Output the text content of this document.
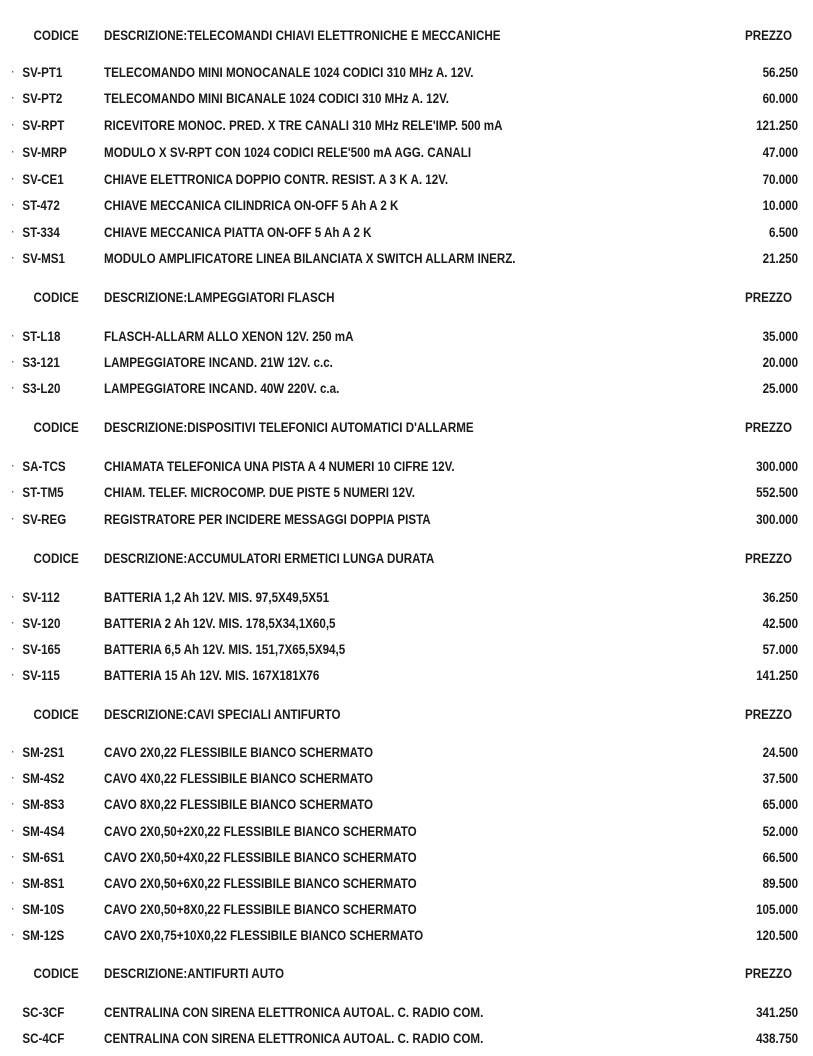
CODICE DESCRIZIONE:TELECOMANDI CHIAVI ELETTRONICHE E MECCANICHE	PREZZO
· SV-PT1	TELECOMANDO MINI MONOCANALE 1024 CODICI 310 MHz A. 12V.	56.250
· SV-PT2	TELECOMANDO MINI BICANALE 1024 CODICI 310 MHz A. 12V.	60.000
· SV-RPT	RICEVITORE MONOC. PRED. X TRE CANALI 310 MHz RELE'IMP. 500 mA	121.250
· SV-MRP	MODULO X SV-RPT CON 1024 CODICI RELE'500 mA AGG. CANALI	47.000
· SV-CE1	CHIAVE ELETTRONICA DOPPIO CONTR. RESIST. A 3 K A. 12V.	70.000
· ST-472	CHIAVE MECCANICA CILINDRICA ON-OFF 5 Ah A 2 K	10.000
· ST-334	CHIAVE MECCANICA PIATTA ON-OFF 5 Ah A 2 K	6.500
· SV-MS1	MODULO AMPLIFICATORE LINEA BILANCIATA X SWITCH ALLARM INERZ.	21.250
CODICE DESCRIZIONE:LAMPEGGIATORI FLASCH	PREZZO
· ST-L18	FLASCH-ALLARM ALLO XENON 12V. 250 mA	35.000
· S3-121	LAMPEGGIATORE INCAND. 21W 12V. c.c.	20.000
· S3-L20	LAMPEGGIATORE INCAND. 40W 220V. c.a.	25.000
CODICE DESCRIZIONE:DISPOSITIVI TELEFONICI AUTOMATICI D'ALLARME	PREZZO
· SA-TCS	CHIAMATA TELEFONICA UNA PISTA A 4 NUMERI 10 CIFRE 12V.	300.000
· ST-TM5	CHIAM. TELEF. MICROCOMP. DUE PISTE 5 NUMERI 12V.	552.500
· SV-REG	REGISTRATORE PER INCIDERE MESSAGGI DOPPIA PISTA	300.000
CODICE DESCRIZIONE:ACCUMULATORI ERMETICI LUNGA DURATA	PREZZO
· SV-112	BATTERIA 1,2 Ah 12V. MIS. 97,5X49,5X51	36.250
· SV-120	BATTERIA 2 Ah 12V. MIS. 178,5X34,1X60,5	42.500
· SV-165	BATTERIA 6,5 Ah 12V. MIS. 151,7X65,5X94,5	57.000
· SV-115	BATTERIA 15 Ah 12V. MIS. 167X181X76	141.250
CODICE DESCRIZIONE:CAVI SPECIALI ANTIFURTO	PREZZO
· SM-2S1	CAVO 2X0,22 FLESSIBILE BIANCO SCHERMATO	24.500
· SM-4S2	CAVO 4X0,22 FLESSIBILE BIANCO SCHERMATO	37.500
· SM-8S3	CAVO 8X0,22 FLESSIBILE BIANCO SCHERMATO	65.000
· SM-4S4	CAVO 2X0,50+2X0,22 FLESSIBILE BIANCO SCHERMATO	52.000
· SM-6S1	CAVO 2X0,50+4X0,22 FLESSIBILE BIANCO SCHERMATO	66.500
· SM-8S1	CAVO 2X0,50+6X0,22 FLESSIBILE BIANCO SCHERMATO	89.500
· SM-10S	CAVO 2X0,50+8X0,22 FLESSIBILE BIANCO SCHERMATO	105.000
· SM-12S	CAVO 2X0,75+10X0,22 FLESSIBILE BIANCO SCHERMATO	120.500
CODICE DESCRIZIONE:ANTIFURTI AUTO	PREZZO
SC-3CF	CENTRALINA CON SIRENA ELETTRONICA AUTOAL. C. RADIO COM.	341.250
SC-4CF	CENTRALINA CON SIRENA ELETTRONICA AUTOAL. C. RADIO COM.	438.750
